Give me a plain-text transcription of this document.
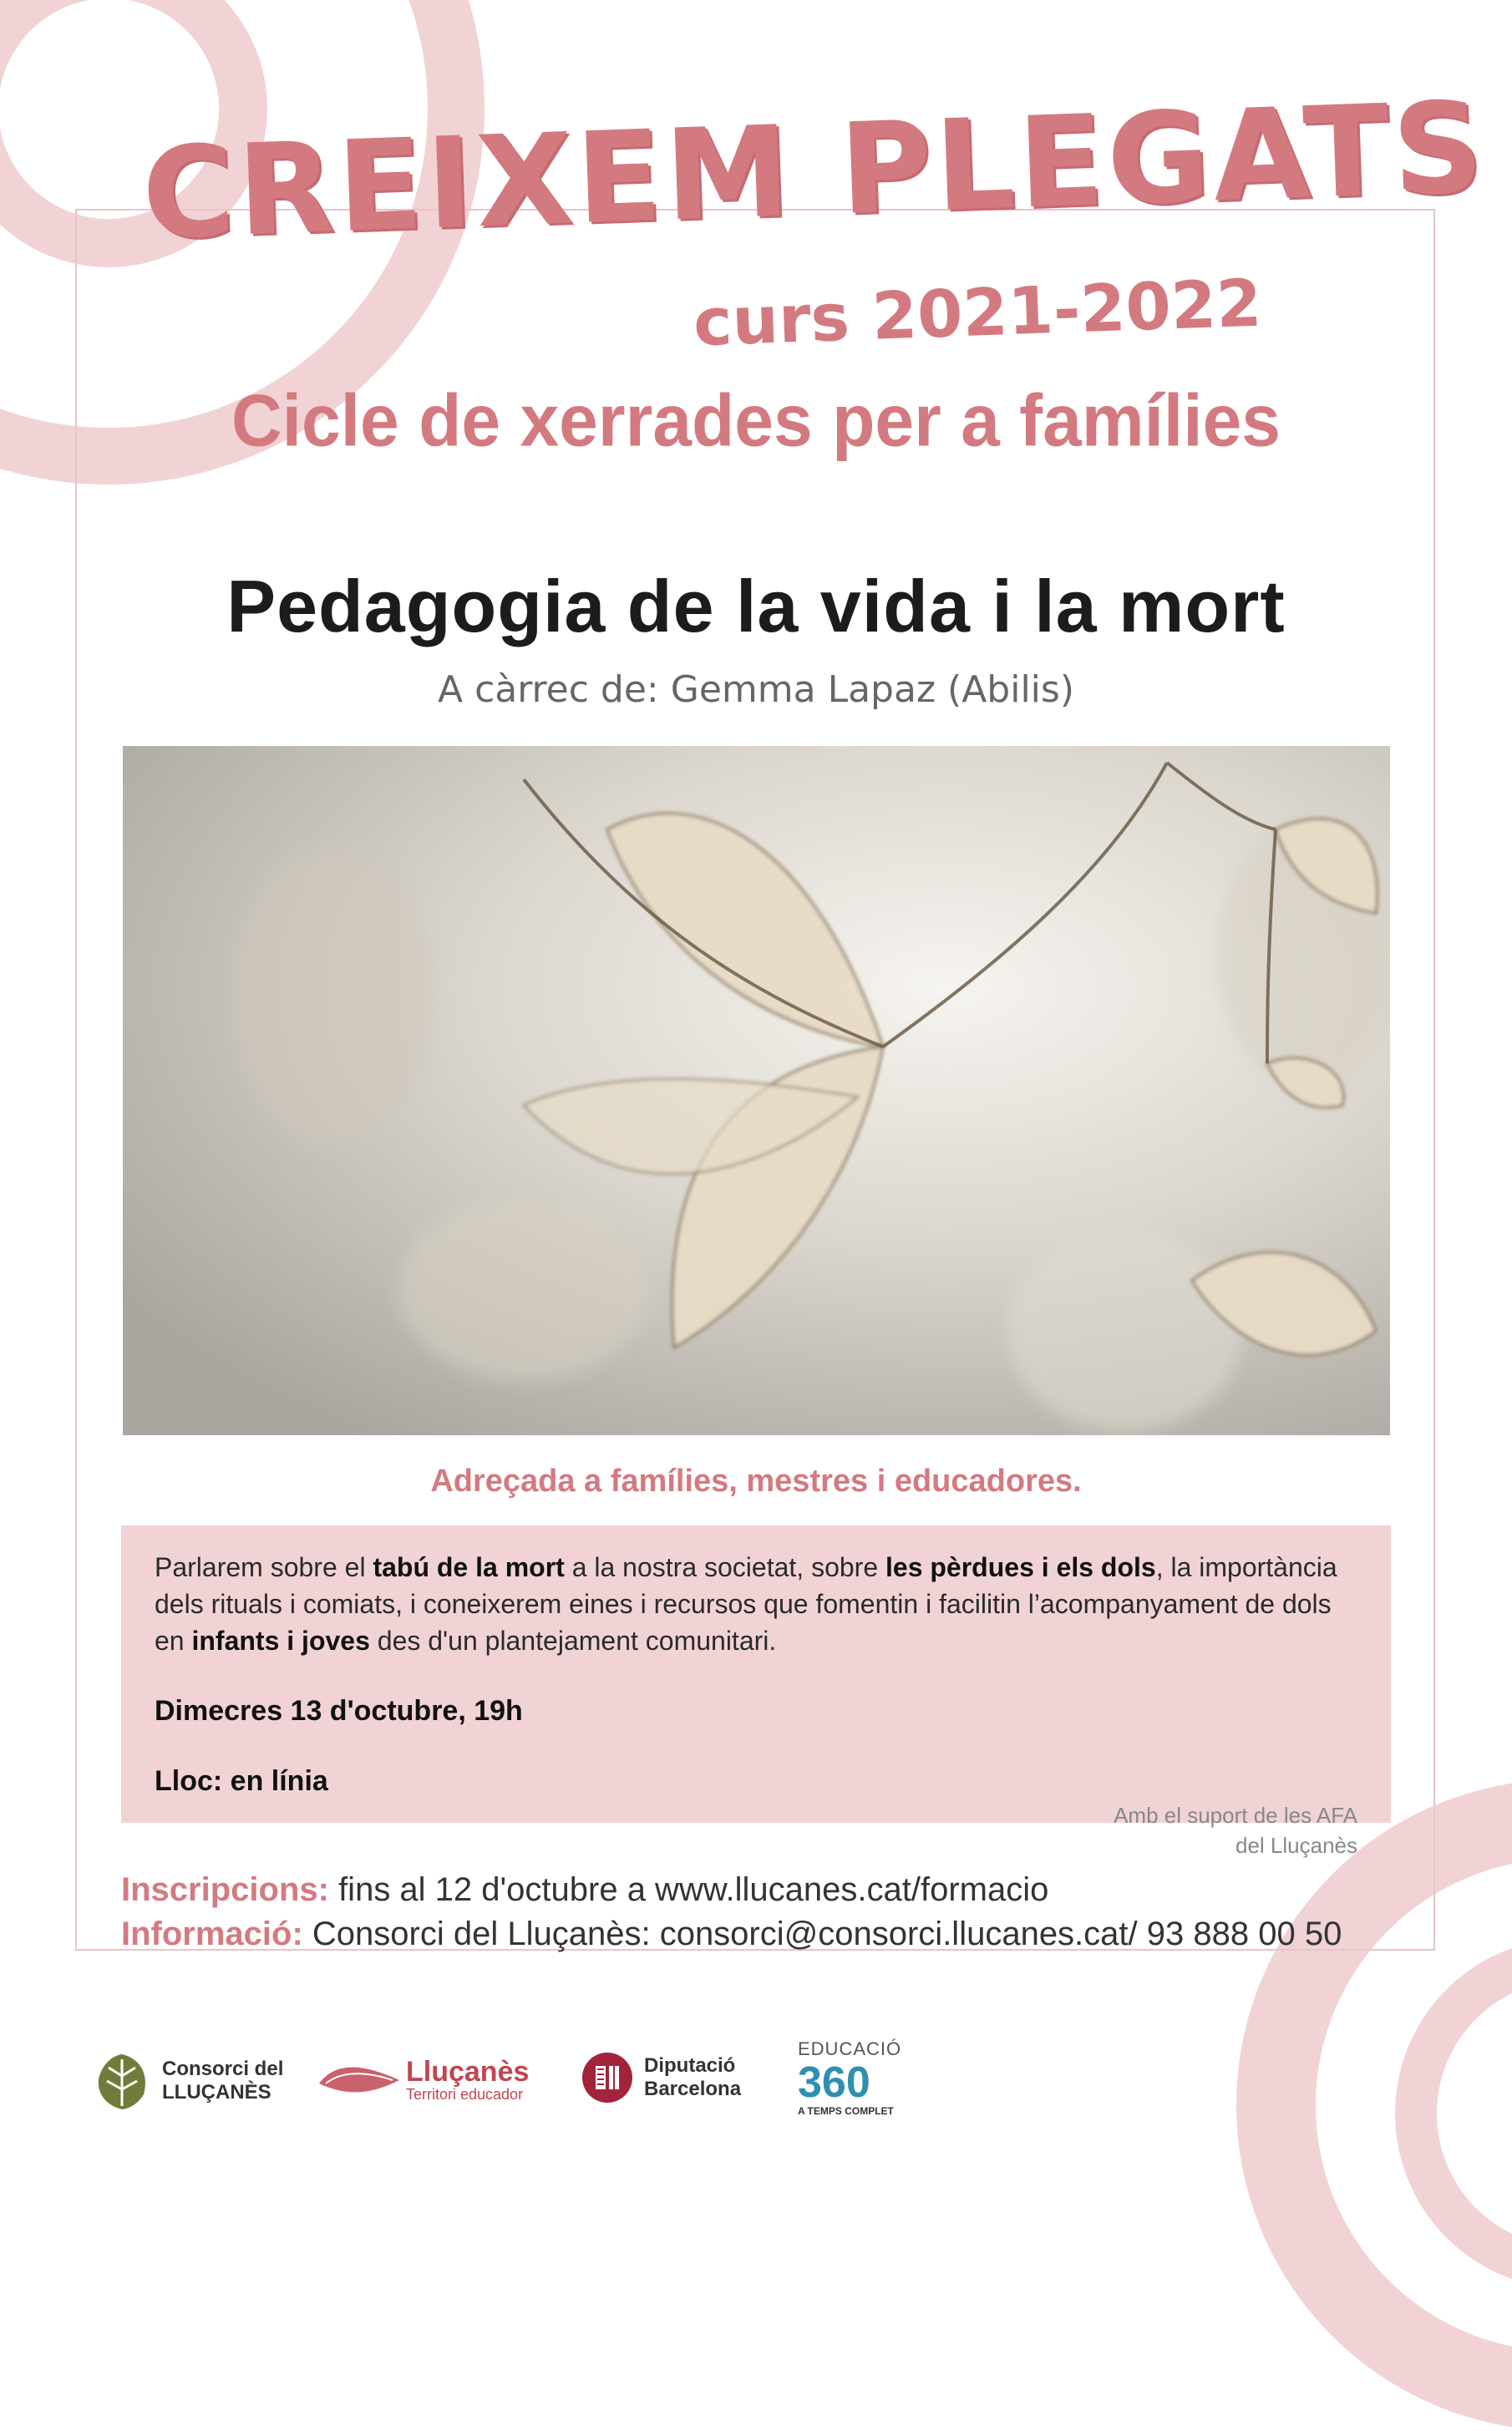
CREIXEM PLEGATS
curs 2021-2022
Cicle de xerrades per a famílies
Pedagogia de la vida i la mort
A càrrec de: Gemma Lapaz (Abilis)
Adreçada a famílies, mestres i educadores.

Parlarem sobre el tabú de la mort a la nostra societat, sobre les pèrdues i els dols, la importància dels rituals i comiats, i coneixerem eines i recursos que fomentin i facilitin l’acompanyament de dols en infants i joves des d'un plantejament comunitari.

Dimecres 13 d'octubre, 19h

Lloc: en línia

Amb el suport de les AFA
del Lluçanès
Inscripcions: fins al 12 d'octubre a www.llucanes.cat/formacio
Informació: Consorci del Lluçanès: consorci@consorci.llucanes.cat/ 93 888 00 50
Consorci del
LLUÇANÈS
Lluçanès
Territori educador
Diputació
Barcelona
EDUCACIÓ
360
A TEMPS COMPLET
